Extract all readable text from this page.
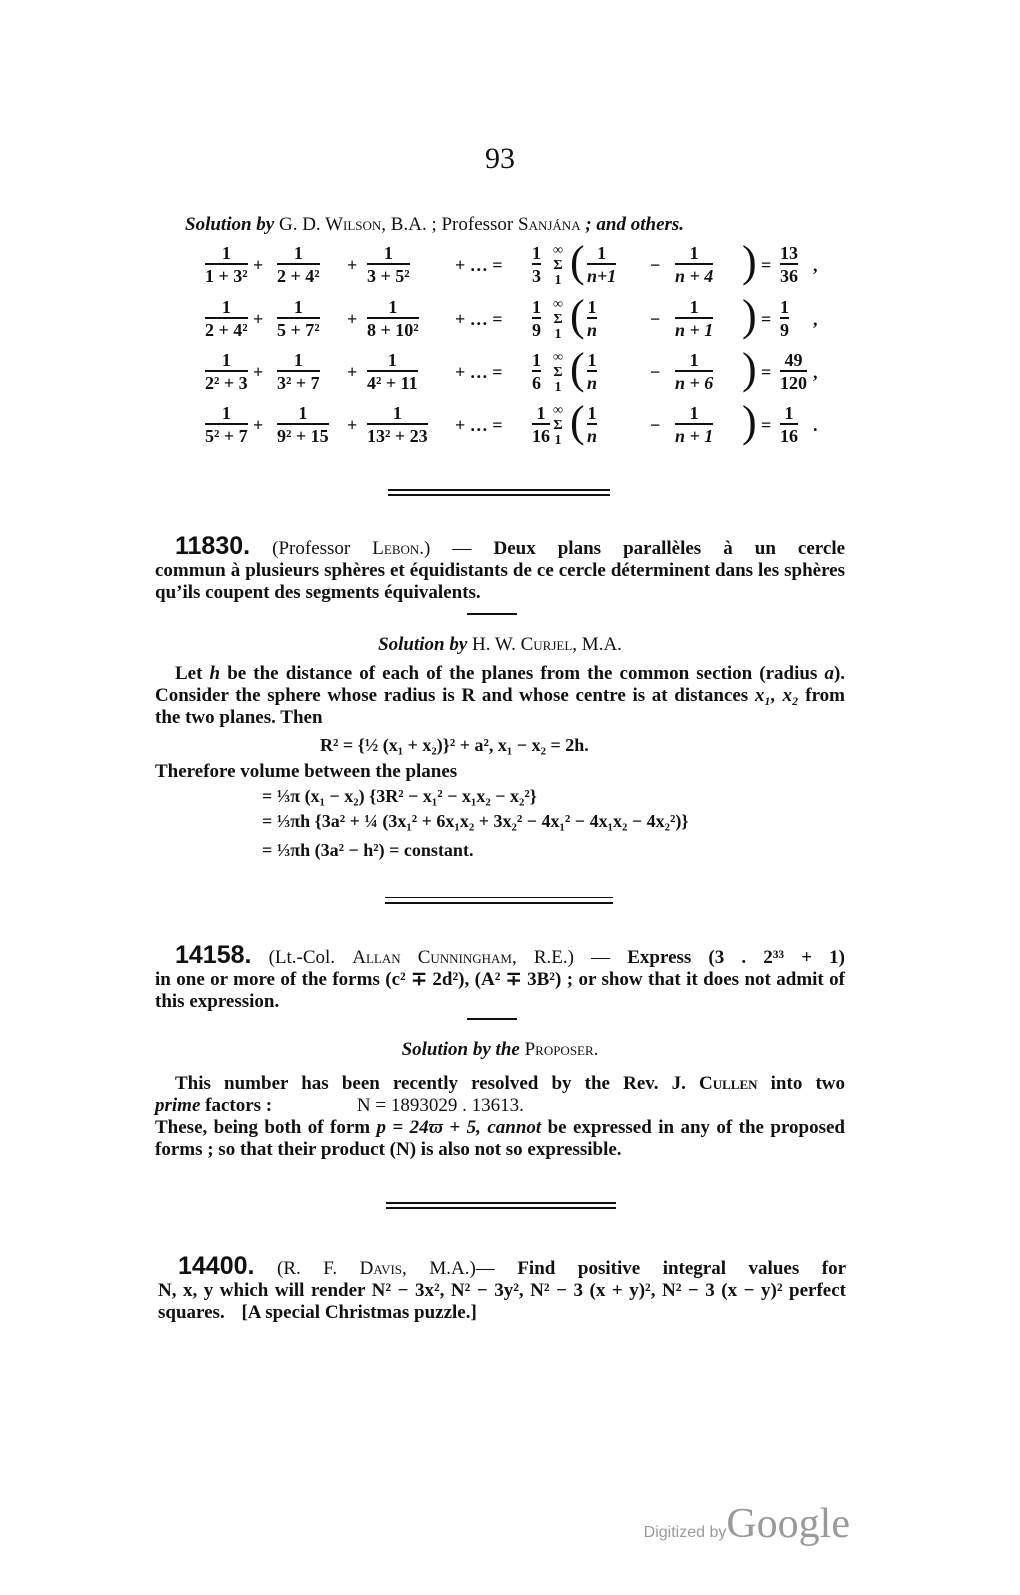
93
Solution by G. D. Wilson, B.A. ; Professor Sanjána ; and others.
1
1 + 3²
+
1
2 + 4²
+
1
3 + 5²
+ … =
1
3
∞
Σ
1 ( 1
n+1
−
1
n + 4 ) =
13
36
,
1
2 + 4²
+
1
5 + 7²
+
1
8 + 10²
+ … =
1
9
∞
Σ
1 ( 1
n
−
1
n + 1 ) =
1
9
,
1
2² + 3
+
1
3² + 7
+
1
4² + 11
+ … =
1
6
∞
Σ
1 ( 1
n
−
1
n + 6 ) =
49
120
,
1
5² + 7
+
1
9² + 15
+
1
13² + 23
+ … =
1
16
∞
Σ
1 ( 1
n
−
1
n + 1 ) =
1
16
.
11830. (Professor Lebon.) — Deux plans parallèles à un cercle
commun à plusieurs sphères et équidistants de ce cercle déterminent dans les sphères qu’ils coupent des segments équivalents.
Solution by H. W. Curjel, M.A.
Let h be the distance of each of the planes from the common section (radius a). Consider the sphere whose radius is R and whose centre is at distances x₁, x₂ from the two planes. Then
R² = {½ (x₁ + x₂)}² + a², x₁ − x₂ = 2h.
Therefore volume between the planes
= ⅓π (x₁ − x₂) {3R² − x₁² − x₁x₂ − x₂²}
= ⅓πh {3a² + ¼ (3x₁² + 6x₁x₂ + 3x₂² − 4x₁² − 4x₁x₂ − 4x₂²)}
= ⅓πh (3a² − h²) = constant.
14158. (Lt.-Col. Allan Cunningham, R.E.) — Express (3 . 2³³ + 1)
in one or more of the forms (c² ∓ 2d²), (A² ∓ 3B²) ; or show that it does not admit of this expression.
Solution by the Proposer.
This number has been recently resolved by the Rev. J. Cullen into two
prime factors :	N = 1893029 . 13613.
These, being both of form p = 24ϖ + 5, cannot be expressed in any of the proposed forms ; so that their product (N) is also not so expressible.
14400. (R. F. Davis, M.A.)— Find positive integral values for
N, x, y which will render N² − 3x², N² − 3y², N² − 3 (x + y)², N² − 3 (x − y)² perfect squares. [A special Christmas puzzle.]
Digitized byGoogle
